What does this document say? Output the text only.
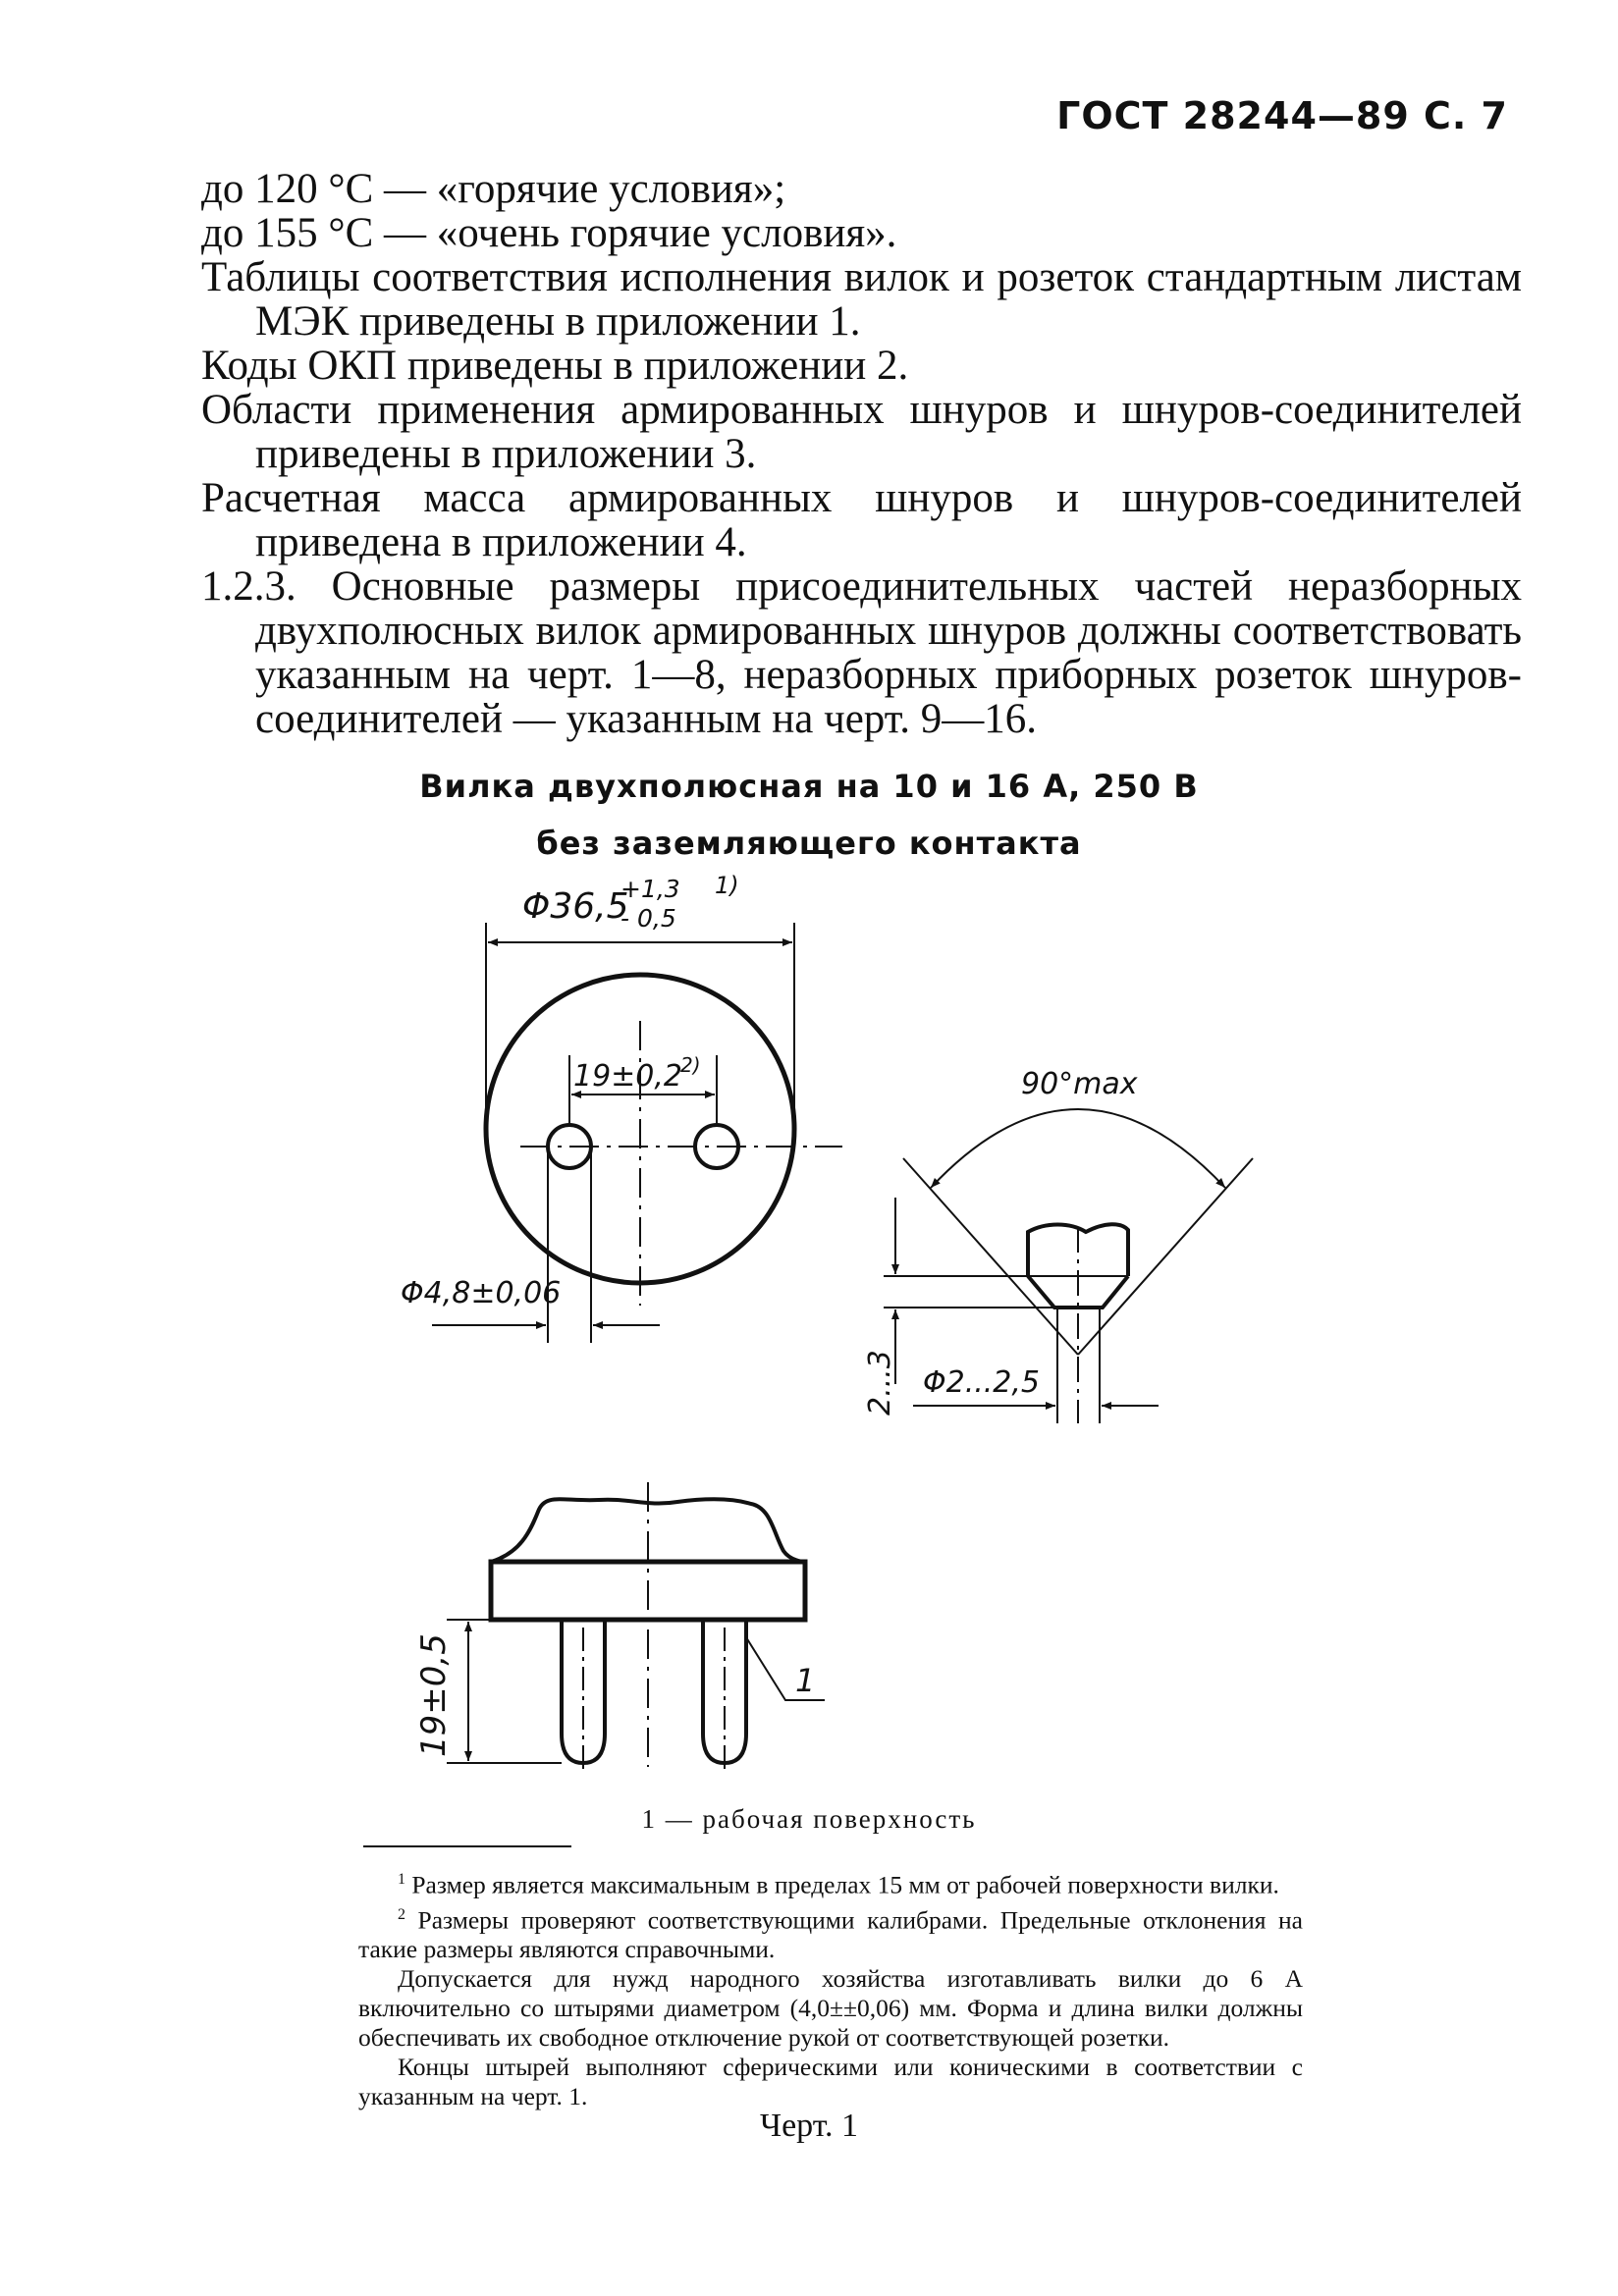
ГОСТ 28244—89 С. 7

до 120 °С — «горячие условия»;

до 155 °С — «очень горячие условия».

Таблицы соответствия исполнения вилок и розеток стандартным листам МЭК приведены в приложении 1.

Коды ОКП приведены в приложении 2.

Области применения армированных шнуров и шнуров-соединителей приведены в приложении 3.

Расчетная масса армированных шнуров и шнуров-соединителей приведена в приложении 4.

1.2.3. Основные размеры присоединительных частей неразборных двухполюсных вилок армированных шнуров должны соответствовать указанным на черт. 1—8, неразборных приборных розеток шнуров-соединителей — указанным на черт. 9—16.

Вилка двухполюсная на 10 и 16 А, 250 В
без заземляющего контакта
Φ36,5
+1,3
- 0,5
1)
19±0,2
2)
Φ4,8±0,06
90°max
2...3 Φ2...2,5
19±0,5	1
1 — рабочая поверхность

$^1$ Размер является максимальным в пределах 15 мм от рабочей поверхности вилки.

$^2$ Размеры проверяют соответствующими калибрами. Предельные отклонения на такие размеры являются справочными.

Допускается для нужд народного хозяйства изготавливать вилки до 6 А включительно со штырями диаметром (4,0±±0,06) мм. Форма и длина вилки должны обеспечивать их свободное отключение рукой от соответствующей розетки.

Концы штырей выполняют сферическими или коническими в соответствии с указанным на черт. 1.

Черт. 1
